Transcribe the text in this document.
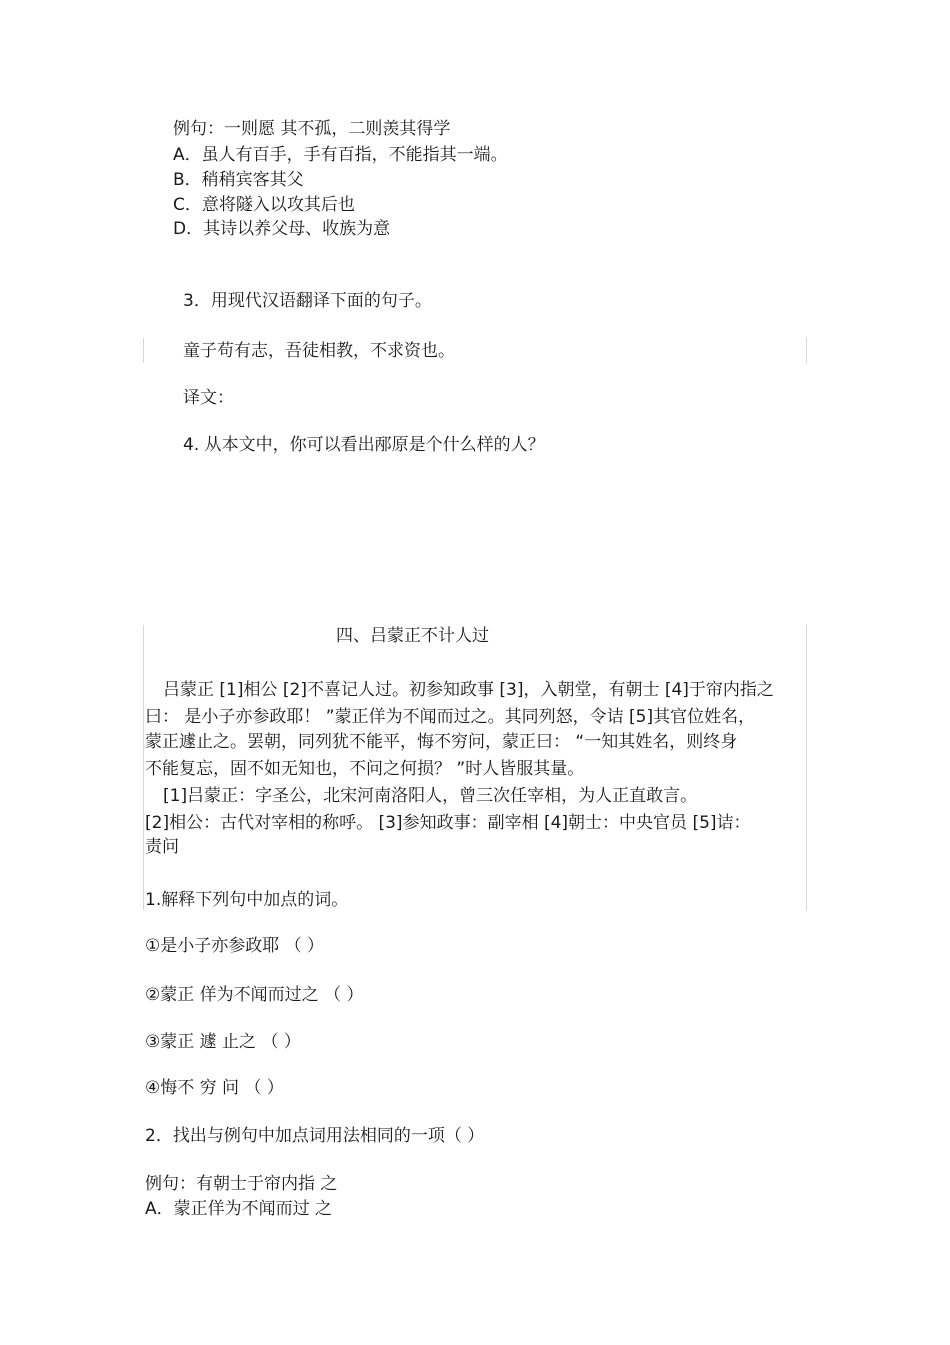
例句：一则愿 其不孤，二则羡其得学
A．虽人有百手，手有百指，不能指其一端。
B．稍稍宾客其父
C．意将隧入以攻其后也
D．其诗以养父母、收族为意
3．用现代汉语翻译下面的句子。
童子苟有志，吾徒相教，不求资也。
译文：
4. 从本文中，你可以看出邴原是个什么样的人？
四、吕蒙正不计人过
吕蒙正 [1]相公 [2]不喜记人过。初参知政事 [3]，入朝堂，有朝士 [4]于帘内指之
曰： 是小子亦参政耶！ ”蒙正佯为不闻而过之。其同列怒，令诘 [5]其官位姓名，
蒙正遽止之。罢朝，同列犹不能平，悔不穷问，蒙正曰： “一知其姓名，则终身
不能复忘，固不如无知也，不问之何损？ ”时人皆服其量。
[1]吕蒙正：字圣公，北宋河南洛阳人，曾三次任宰相，为人正直敢言。
[2]相公：古代对宰相的称呼。 [3]参知政事：副宰相 [4]朝士：中央官员 [5]诘：
责问
1.解释下列句中加点的词。
①是小子亦参政耶 （ ）
②蒙正 佯为不闻而过之 （ ）
③蒙正 遽 止之 （ ）
④悔不 穷 问 （ ）
2．找出与例句中加点词用法相同的一项（ ）
例句：有朝士于帘内指 之
A．蒙正佯为不闻而过 之
